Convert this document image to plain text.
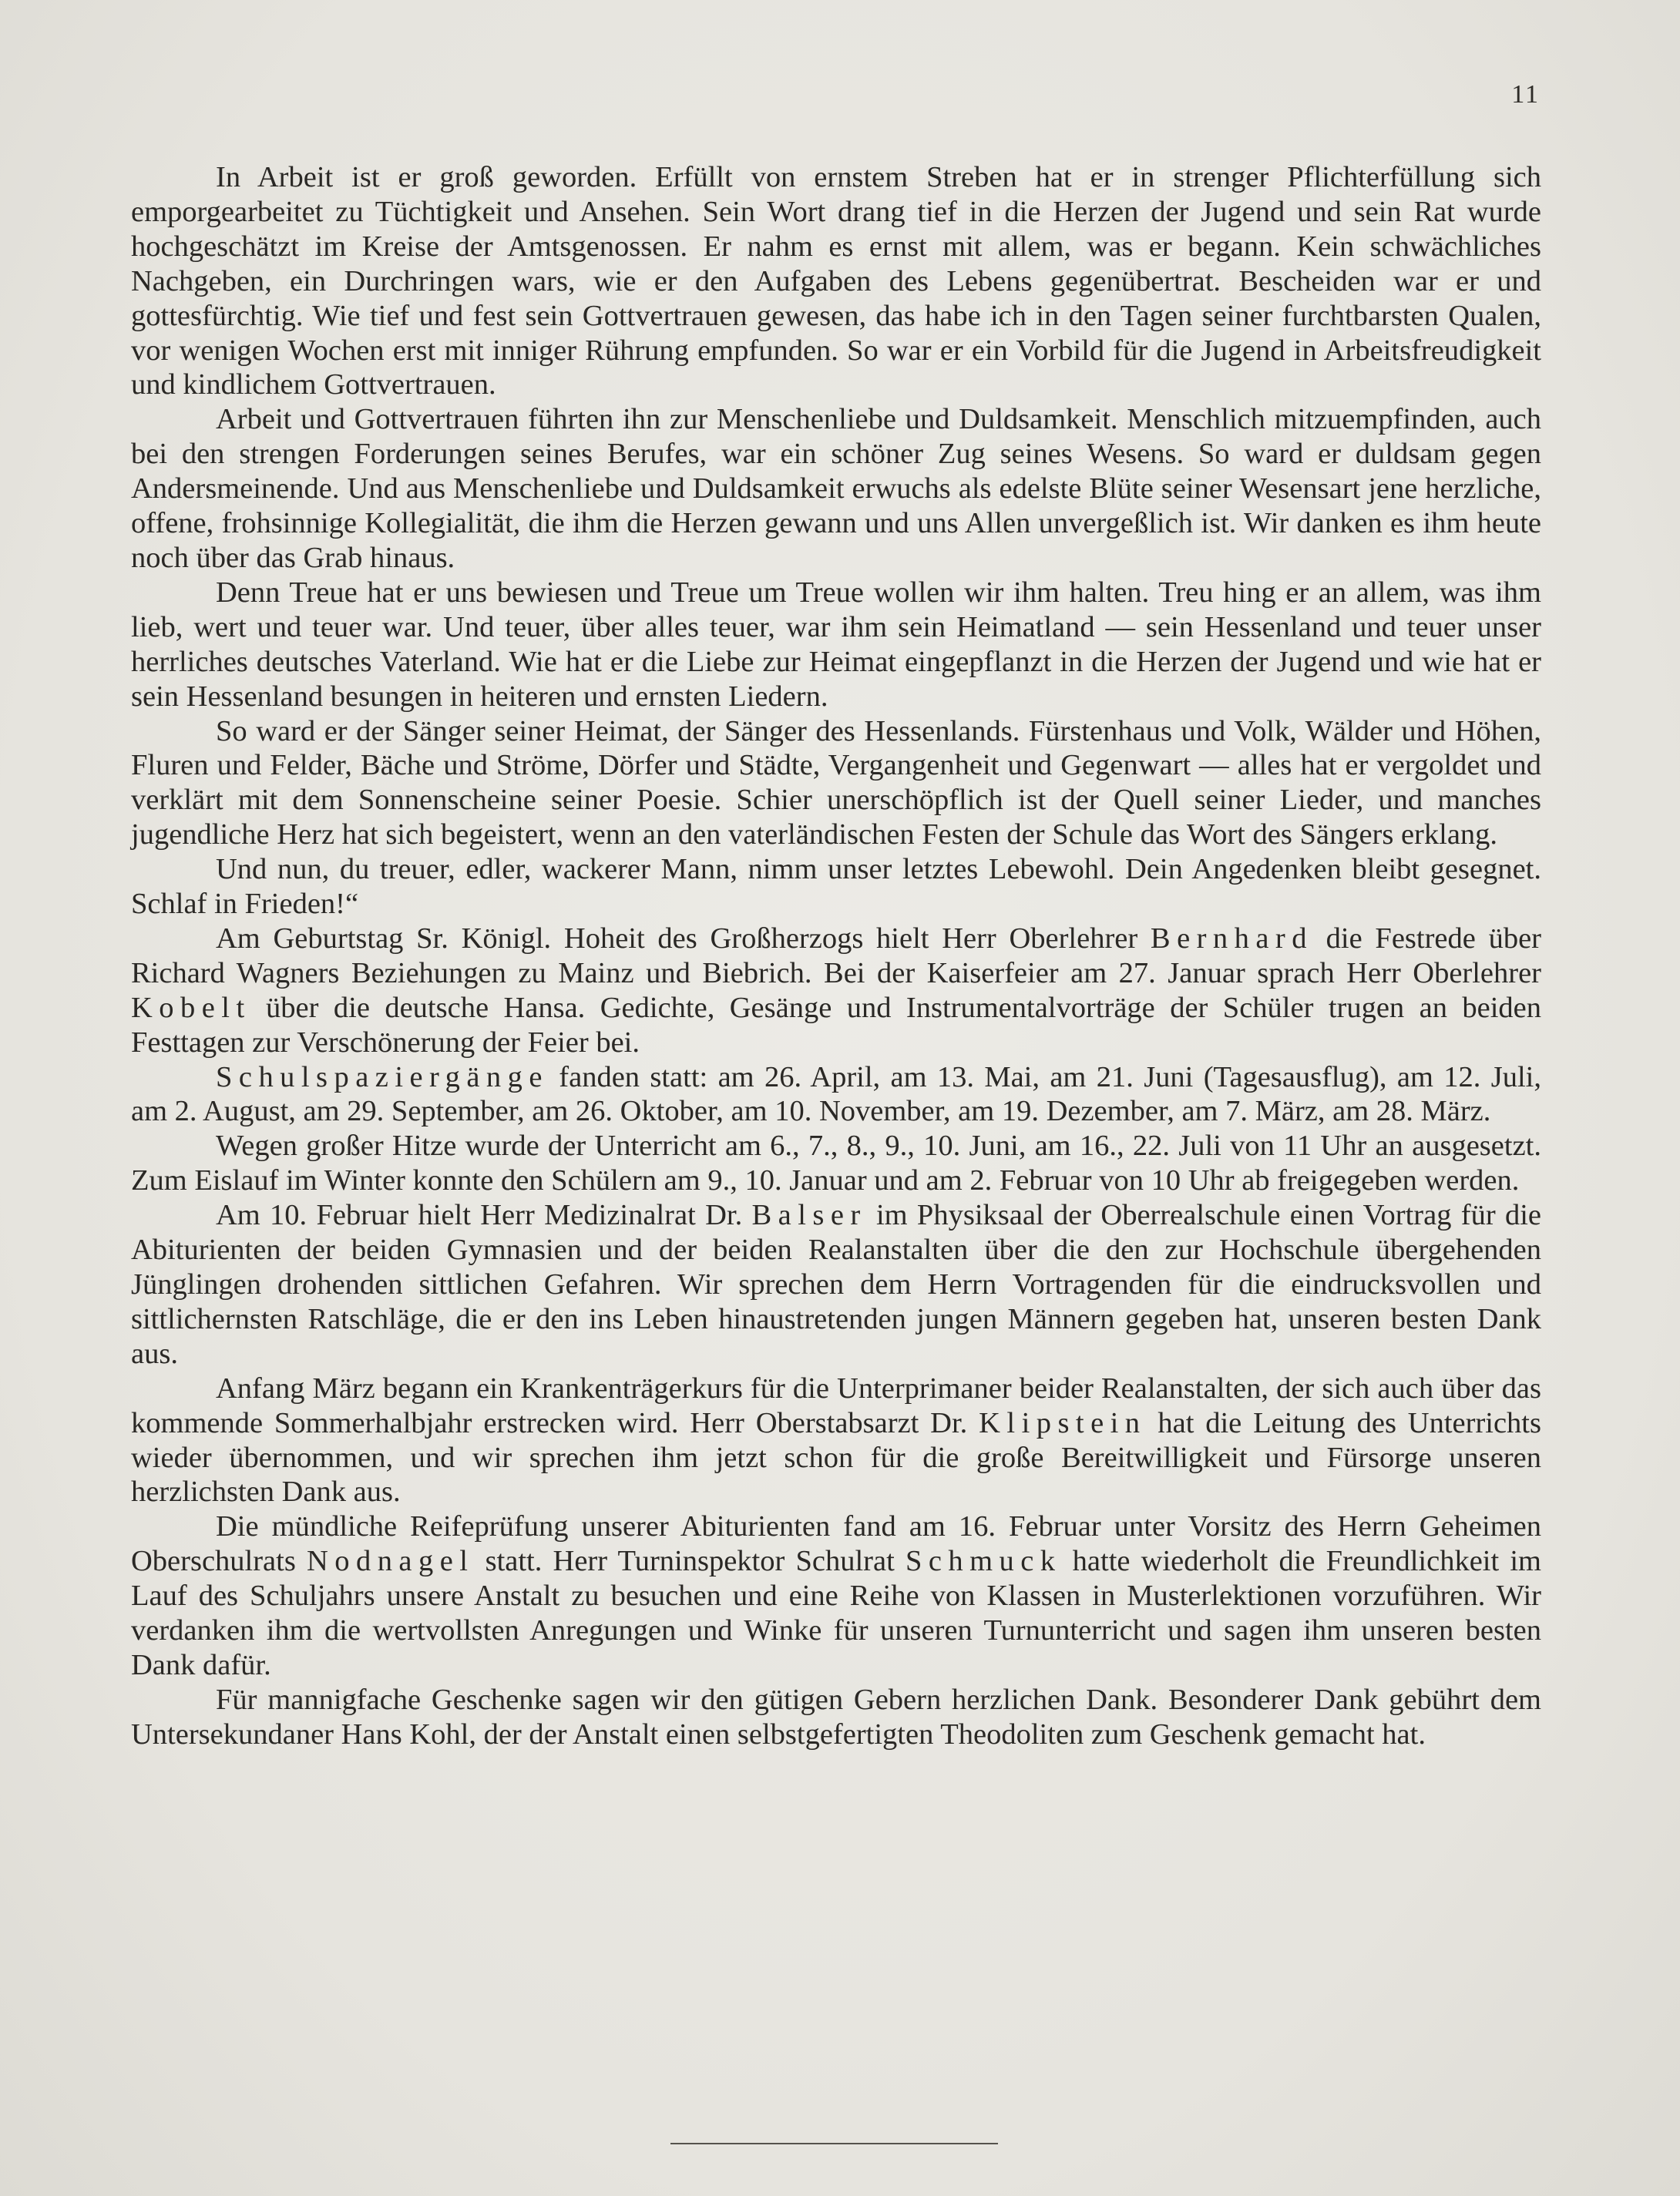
11

In Arbeit ist er groß geworden. Erfüllt von ernstem Streben hat er in strenger Pflichterfüllung sich emporgearbeitet zu Tüchtigkeit und Ansehen. Sein Wort drang tief in die Herzen der Jugend und sein Rat wurde hochgeschätzt im Kreise der Amtsgenossen. Er nahm es ernst mit allem, was er begann. Kein schwächliches Nachgeben, ein Durchringen wars, wie er den Aufgaben des Lebens gegenübertrat. Bescheiden war er und gottesfürchtig. Wie tief und fest sein Gottvertrauen gewesen, das habe ich in den Tagen seiner furchtbarsten Qualen, vor wenigen Wochen erst mit inniger Rührung empfunden. So war er ein Vorbild für die Jugend in Arbeitsfreudigkeit und kindlichem Gottvertrauen.

Arbeit und Gottvertrauen führten ihn zur Menschenliebe und Duldsamkeit. Menschlich mitzuempfinden, auch bei den strengen Forderungen seines Berufes, war ein schöner Zug seines Wesens. So ward er duldsam gegen Andersmeinende. Und aus Menschenliebe und Duldsamkeit erwuchs als edelste Blüte seiner Wesensart jene herzliche, offene, frohsinnige Kollegialität, die ihm die Herzen gewann und uns Allen unvergeßlich ist. Wir danken es ihm heute noch über das Grab hinaus.

Denn Treue hat er uns bewiesen und Treue um Treue wollen wir ihm halten. Treu hing er an allem, was ihm lieb, wert und teuer war. Und teuer, über alles teuer, war ihm sein Heimatland — sein Hessenland und teuer unser herrliches deutsches Vaterland. Wie hat er die Liebe zur Heimat eingepflanzt in die Herzen der Jugend und wie hat er sein Hessenland besungen in heiteren und ernsten Liedern.

So ward er der Sänger seiner Heimat, der Sänger des Hessenlands. Fürstenhaus und Volk, Wälder und Höhen, Fluren und Felder, Bäche und Ströme, Dörfer und Städte, Vergangenheit und Gegenwart — alles hat er vergoldet und verklärt mit dem Sonnenscheine seiner Poesie. Schier unerschöpflich ist der Quell seiner Lieder, und manches jugendliche Herz hat sich begeistert, wenn an den vaterländischen Festen der Schule das Wort des Sängers erklang.

Und nun, du treuer, edler, wackerer Mann, nimm unser letztes Lebewohl. Dein Angedenken bleibt gesegnet. Schlaf in Frieden!“

Am Geburtstag Sr. Königl. Hoheit des Großherzogs hielt Herr Oberlehrer Bernhard die Festrede über Richard Wagners Beziehungen zu Mainz und Biebrich. Bei der Kaiserfeier am 27. Januar sprach Herr Oberlehrer Kobelt über die deutsche Hansa. Gedichte, Gesänge und Instrumentalvorträge der Schüler trugen an beiden Festtagen zur Verschönerung der Feier bei.

Schulspaziergänge fanden statt: am 26. April, am 13. Mai, am 21. Juni (Tagesausflug), am 12. Juli, am 2. August, am 29. September, am 26. Oktober, am 10. November, am 19. Dezember, am 7. März, am 28. März.

Wegen großer Hitze wurde der Unterricht am 6., 7., 8., 9., 10. Juni, am 16., 22. Juli von 11 Uhr an ausgesetzt. Zum Eislauf im Winter konnte den Schülern am 9., 10. Januar und am 2. Februar von 10 Uhr ab freigegeben werden.

Am 10. Februar hielt Herr Medizinalrat Dr. Balser im Physiksaal der Oberrealschule einen Vortrag für die Abiturienten der beiden Gymnasien und der beiden Realanstalten über die den zur Hochschule übergehenden Jünglingen drohenden sittlichen Gefahren. Wir sprechen dem Herrn Vortragenden für die eindrucksvollen und sittlichernsten Ratschläge, die er den ins Leben hinaustretenden jungen Männern gegeben hat, unseren besten Dank aus.

Anfang März begann ein Krankenträgerkurs für die Unterprimaner beider Realanstalten, der sich auch über das kommende Sommerhalbjahr erstrecken wird. Herr Oberstabsarzt Dr. Klipstein hat die Leitung des Unterrichts wieder übernommen, und wir sprechen ihm jetzt schon für die große Bereitwilligkeit und Fürsorge unseren herzlichsten Dank aus.

Die mündliche Reifeprüfung unserer Abiturienten fand am 16. Februar unter Vorsitz des Herrn Geheimen Oberschulrats Nodnagel statt. Herr Turninspektor Schulrat Schmuck hatte wiederholt die Freundlichkeit im Lauf des Schuljahrs unsere Anstalt zu besuchen und eine Reihe von Klassen in Musterlektionen vorzuführen. Wir verdanken ihm die wertvollsten Anregungen und Winke für unseren Turnunterricht und sagen ihm unseren besten Dank dafür.

Für mannigfache Geschenke sagen wir den gütigen Gebern herzlichen Dank. Besonderer Dank gebührt dem Untersekundaner Hans Kohl, der der Anstalt einen selbstgefertigten Theodoliten zum Geschenk gemacht hat.
